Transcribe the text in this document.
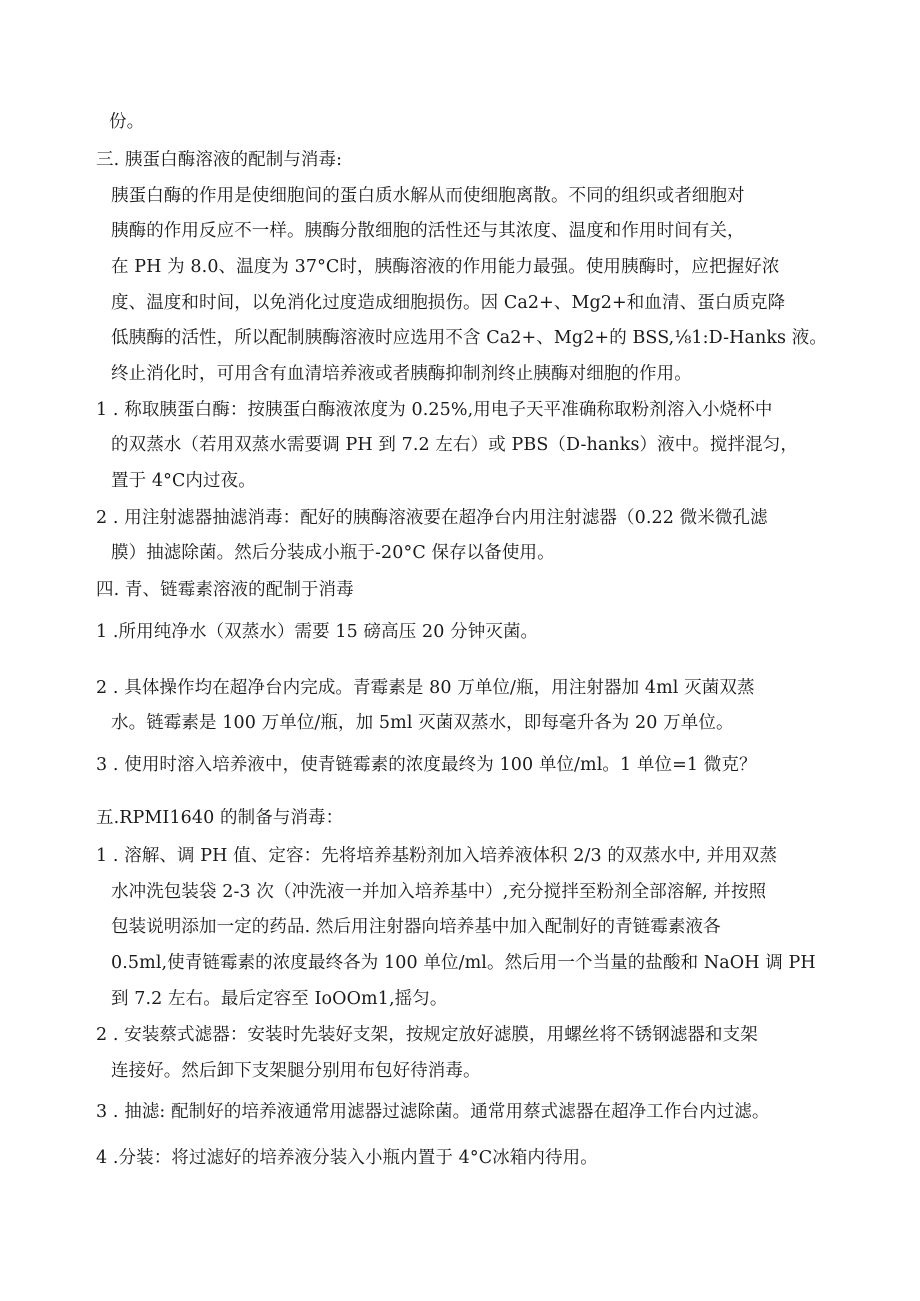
份。
三. 胰蛋白酶溶液的配制与消毒:
胰蛋白酶的作用是使细胞间的蛋白质水解从而使细胞离散。不同的组织或者细胞对
胰酶的作用反应不一样。胰酶分散细胞的活性还与其浓度、温度和作用时间有关，
在 PH 为 8.0、温度为 37°C时，胰酶溶液的作用能力最强。使用胰酶时，应把握好浓
度、温度和时间，以免消化过度造成细胞损伤。因 Ca2+、Mg2+和血清、蛋白质克降
低胰酶的活性，所以配制胰酶溶液时应选用不含 Ca2+、Mg2+的 BSS,⅛1:D-Hanks 液。
终止消化时，可用含有血清培养液或者胰酶抑制剂终止胰酶对细胞的作用。
1 . 称取胰蛋白酶：按胰蛋白酶液浓度为 0.25%,用电子天平准确称取粉剂溶入小烧杯中
的双蒸水（若用双蒸水需要调 PH 到 7.2 左右）或 PBS（D-hanks）液中。搅拌混匀，
置于 4°C内过夜。
2 . 用注射滤器抽滤消毒：配好的胰酶溶液要在超净台内用注射滤器（0.22 微米微孔滤
膜）抽滤除菌。然后分装成小瓶于-20°C 保存以备使用。
四. 青、链霉素溶液的配制于消毒
1 .所用纯净水（双蒸水）需要 15 磅高压 20 分钟灭菌。
2 . 具体操作均在超净台内完成。青霉素是 80 万单位/瓶，用注射器加 4ml 灭菌双蒸
水。链霉素是 100 万单位/瓶，加 5ml 灭菌双蒸水，即每毫升各为 20 万单位。
3 . 使用时溶入培养液中，使青链霉素的浓度最终为 100 单位/ml。1 单位=1 微克？
五.RPMI1640 的制备与消毒：
1 . 溶解、调 PH 值、定容：先将培养基粉剂加入培养液体积 2/3 的双蒸水中, 并用双蒸
水冲洗包装袋 2-3 次（冲洗液一并加入培养基中）,充分搅拌至粉剂全部溶解, 并按照
包装说明添加一定的药品. 然后用注射器向培养基中加入配制好的青链霉素液各
0.5ml,使青链霉素的浓度最终各为 100 单位/ml。然后用一个当量的盐酸和 NaOH 调 PH
到 7.2 左右。最后定容至 IoOOm1,摇匀。
2 . 安装蔡式滤器：安装时先装好支架，按规定放好滤膜，用螺丝将不锈钢滤器和支架
连接好。然后卸下支架腿分别用布包好待消毒。
3 . 抽滤: 配制好的培养液通常用滤器过滤除菌。通常用蔡式滤器在超净工作台内过滤。
4 .分装：将过滤好的培养液分装入小瓶内置于 4°C冰箱内待用。
